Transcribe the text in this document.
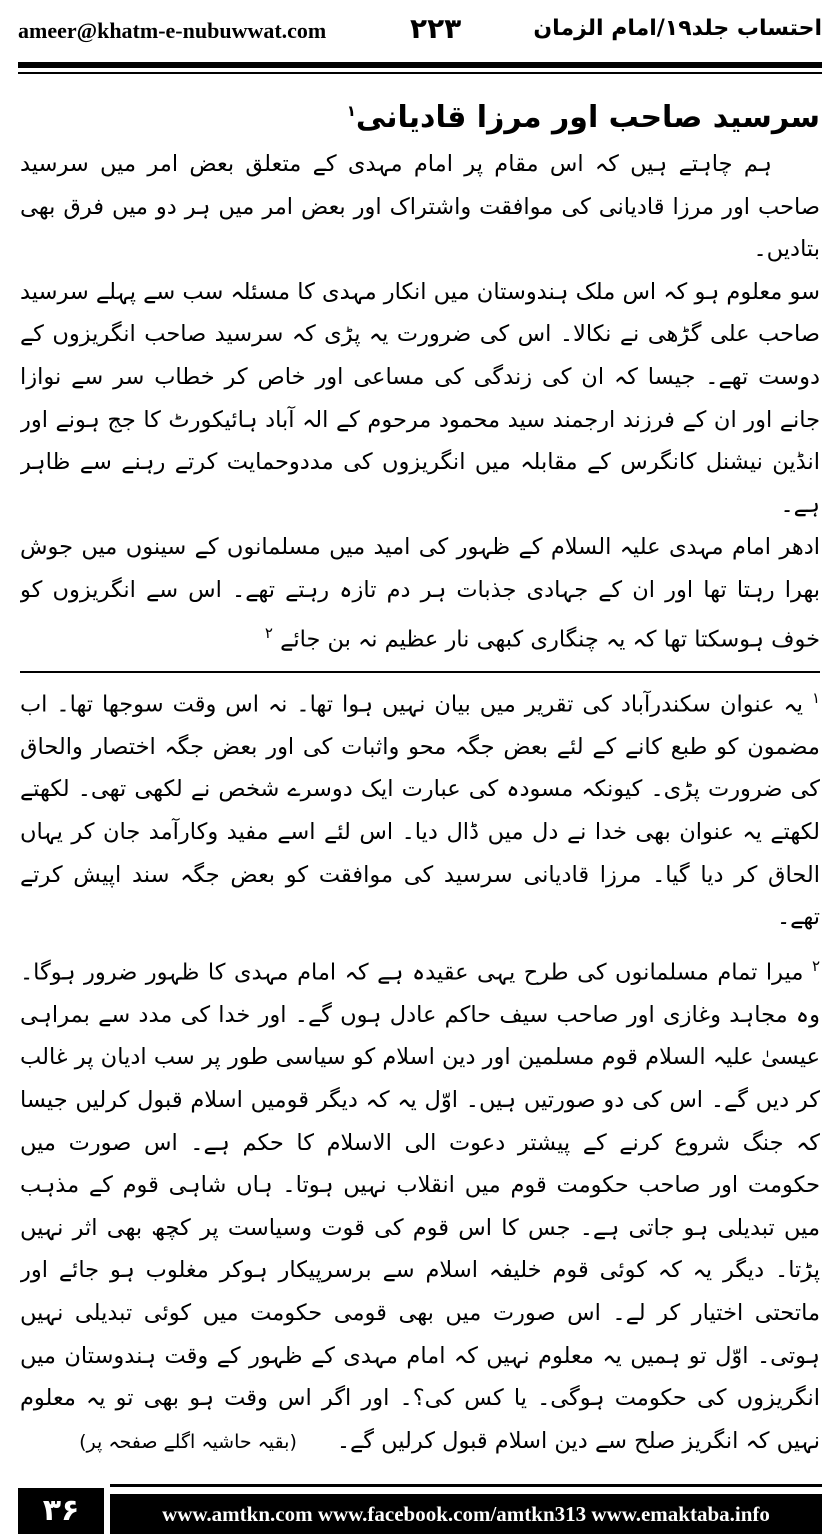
ameer@khatm-e-nubuwwat.com	۲۲۳	احتساب جلد۱۹/امام الزمان
سرسید صاحب اور مرزا قادیانی$^۱$

ہم چاہتے ہیں کہ اس مقام پر امام مہدی کے متعلق بعض امر میں سرسید صاحب اور مرزا قادیانی کی موافقت واشتراک اور بعض امر میں ہر دو میں فرق بھی بتادیں۔

سو معلوم ہو کہ اس ملک ہندوستان میں انکار مہدی کا مسئلہ سب سے پہلے سرسید صاحب علی گڑھی نے نکالا۔ اس کی ضرورت یہ پڑی کہ سرسید صاحب انگریزوں کے دوست تھے۔ جیسا کہ ان کی زندگی کی مساعی اور خاص کر خطاب سر سے نوازا جانے اور ان کے فرزند ارجمند سید محمود مرحوم کے الہ آباد ہائیکورٹ کا جج ہونے اور انڈین نیشنل کانگرس کے مقابلہ میں انگریزوں کی مددوحمایت کرتے رہنے سے ظاہر ہے۔

ادھر امام مہدی علیہ السلام کے ظہور کی امید میں مسلمانوں کے سینوں میں جوش بھرا رہتا تھا اور ان کے جہادی جذبات ہر دم تازہ رہتے تھے۔ اس سے انگریزوں کو خوف ہوسکتا تھا کہ یہ چنگاری کبھی نار عظیم نہ بن جائے $^۲$

$^۱$ یہ عنوان سکندرآباد کی تقریر میں بیان نہیں ہوا تھا۔ نہ اس وقت سوجھا تھا۔ اب مضمون کو طبع کانے کے لئے بعض جگہ محو واثبات کی اور بعض جگہ اختصار والحاق کی ضرورت پڑی۔ کیونکہ مسودہ کی عبارت ایک دوسرے شخص نے لکھی تھی۔ لکھتے لکھتے یہ عنوان بھی خدا نے دل میں ڈال دیا۔ اس لئے اسے مفید وکارآمد جان کر یہاں الحاق کر دیا گیا۔ مرزا قادیانی سرسید کی موافقت کو بعض جگہ سند اپیش کرتے تھے۔

$^۲$ میرا تمام مسلمانوں کی طرح یہی عقیدہ ہے کہ امام مہدی کا ظہور ضرور ہوگا۔ وہ مجاہد وغازی اور صاحب سیف حاکم عادل ہوں گے۔ اور خدا کی مدد سے بمراہی عیسیٰ علیہ السلام قوم مسلمین اور دین اسلام کو سیاسی طور پر سب ادیان پر غالب کر دیں گے۔ اس کی دو صورتیں ہیں۔ اوّل یہ کہ دیگر قومیں اسلام قبول کرلیں جیسا کہ جنگ شروع کرنے کے پیشتر دعوت الی الاسلام کا حکم ہے۔ اس صورت میں حکومت اور صاحب حکومت قوم میں انقلاب نہیں ہوتا۔ ہاں شاہی قوم کے مذہب میں تبدیلی ہو جاتی ہے۔ جس کا اس قوم کی قوت وسیاست پر کچھ بھی اثر نہیں پڑتا۔ دیگر یہ کہ کوئی قوم خلیفہ اسلام سے برسرپیکار ہوکر مغلوب ہو جائے اور ماتحتی اختیار کر لے۔ اس صورت میں بھی قومی حکومت میں کوئی تبدیلی نہیں ہوتی۔ اوّل تو ہمیں یہ معلوم نہیں کہ امام مہدی کے ظہور کے وقت ہندوستان میں انگریزوں کی حکومت ہوگی۔ یا کس کی؟۔ اور اگر اس وقت ہو بھی تو یہ معلوم نہیں کہ انگریز صلح سے دین اسلام قبول کرلیں گے۔(بقیہ حاشیہ اگلے صفحہ پر)

۳۶	www.amtkn.com www.facebook.com/amtkn313 www.emaktaba.info
